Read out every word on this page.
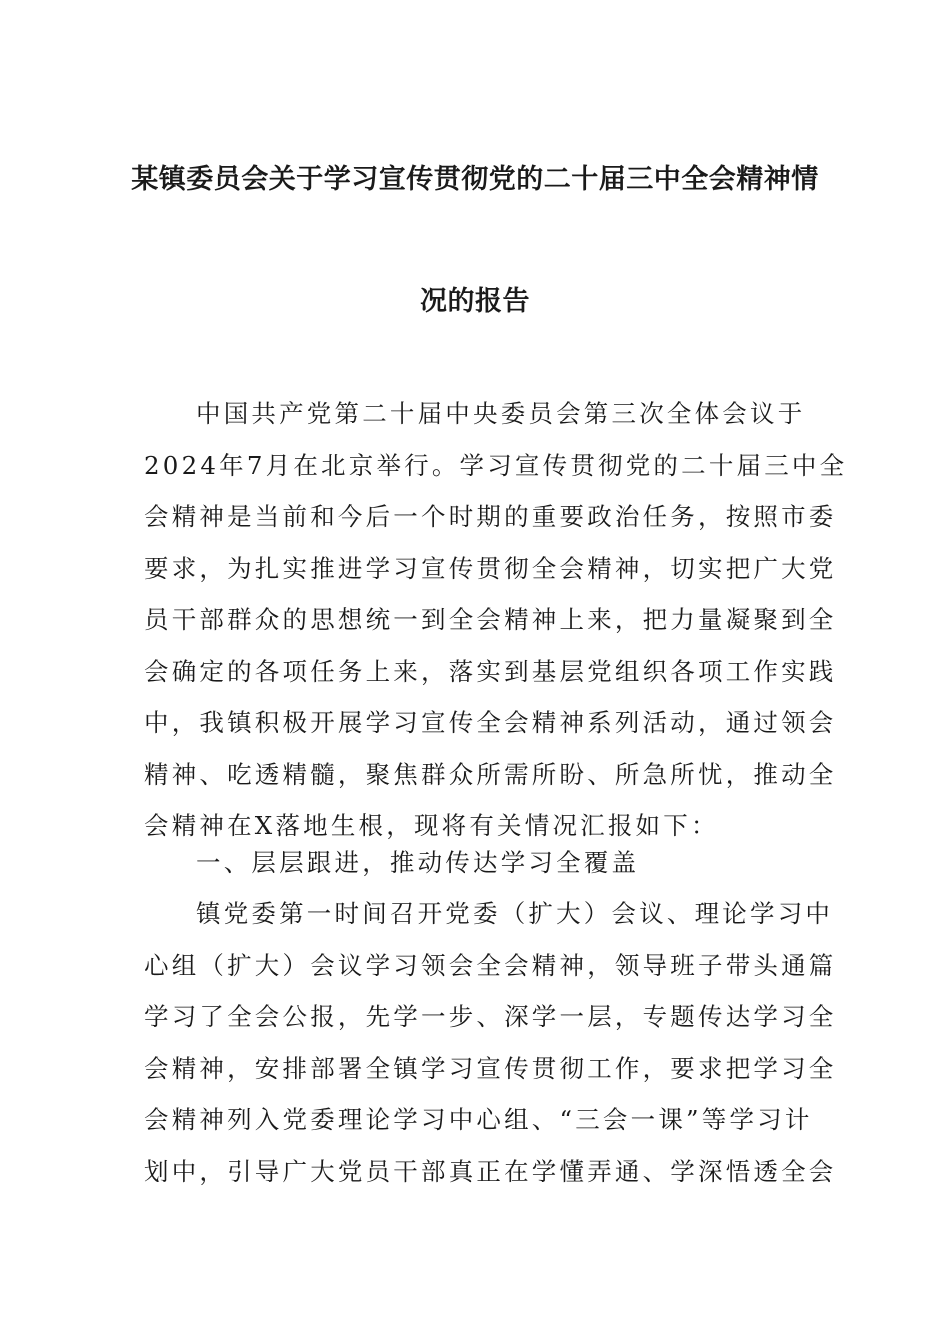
某镇委员会关于学习宣传贯彻党的二十届三中全会精神情
况的报告
中国共产党第二十届中央委员会第三次全体会议于
2024年7月在北京举行。学习宣传贯彻党的二十届三中全
会精神是当前和今后一个时期的重要政治任务，按照市委
要求，为扎实推进学习宣传贯彻全会精神，切实把广大党
员干部群众的思想统一到全会精神上来，把力量凝聚到全
会确定的各项任务上来，落实到基层党组织各项工作实践
中，我镇积极开展学习宣传全会精神系列活动，通过领会
精神、吃透精髓，聚焦群众所需所盼、所急所忧，推动全
会精神在X落地生根，现将有关情况汇报如下：
一、层层跟进，推动传达学习全覆盖
镇党委第一时间召开党委（扩大）会议、理论学习中
心组（扩大）会议学习领会全会精神，领导班子带头通篇
学习了全会公报，先学一步、深学一层，专题传达学习全
会精神，安排部署全镇学习宣传贯彻工作，要求把学习全
会精神列入党委理论学习中心组、“三会一课”等学习计
划中，引导广大党员干部真正在学懂弄通、学深悟透全会
